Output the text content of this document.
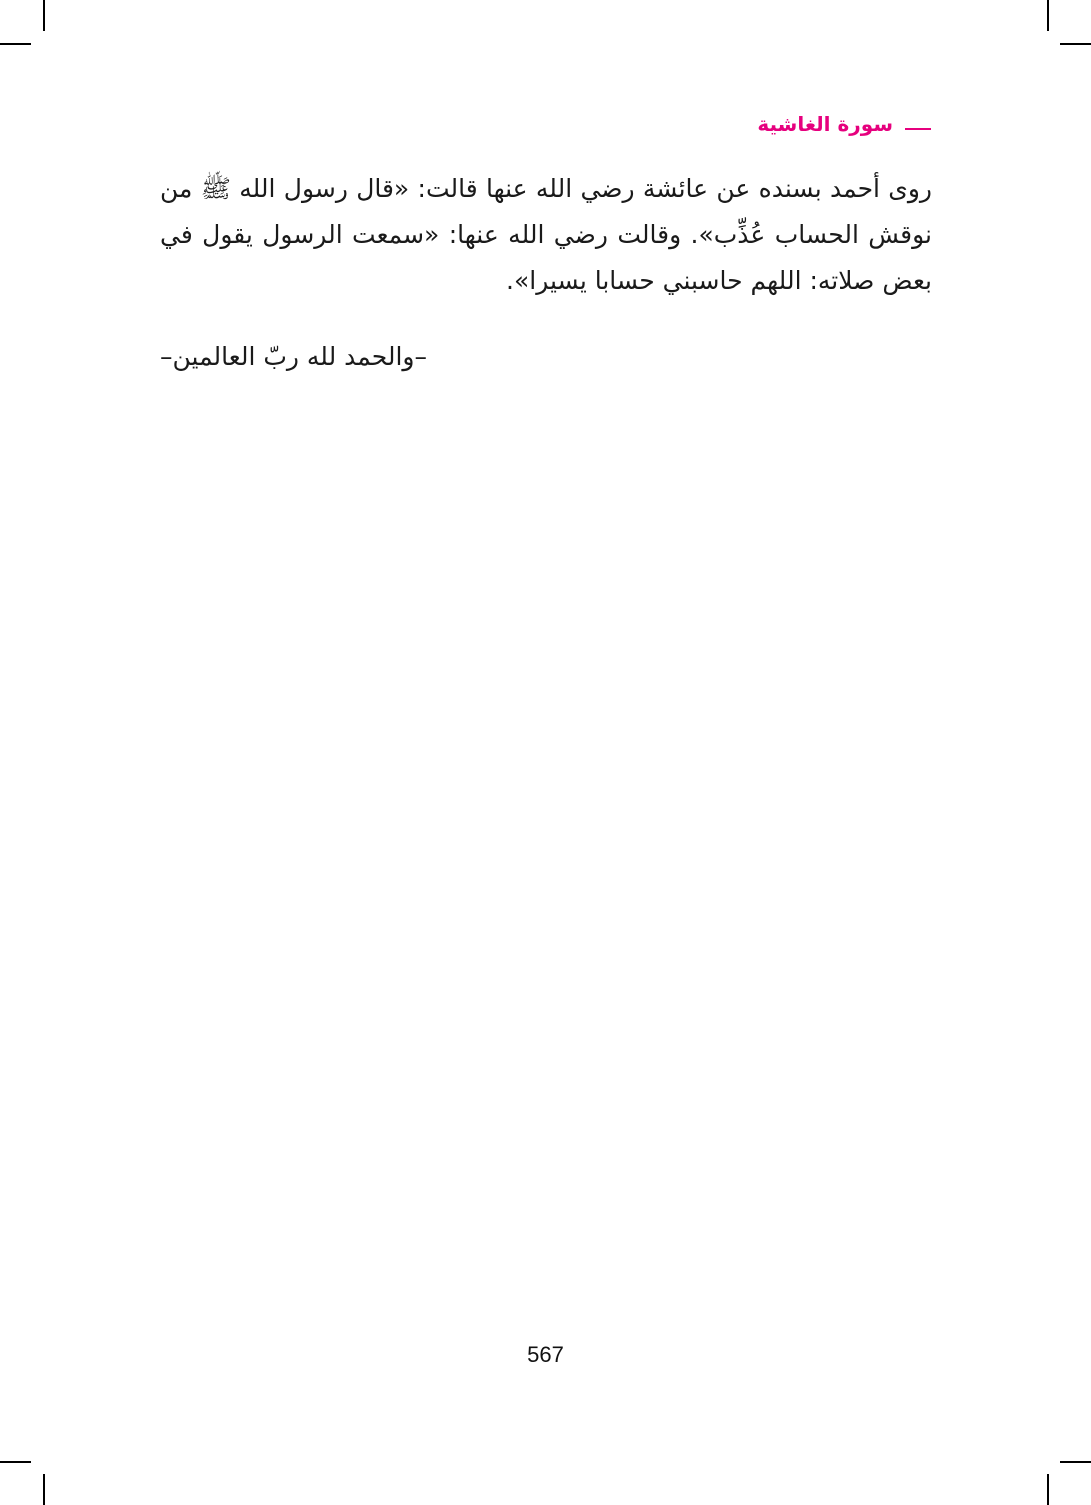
سورة الغاشية

روى أحمد بسنده عن عائشة رضي الله عنها قالت: «قال رسول الله ﷺ من نوقش الحساب عُذِّب». وقالت رضي الله عنها: «سمعت الرسول يقول في بعض صلاته: اللهم حاسبني حسابا يسيرا».

–والحمد لله ربّ العالمين–
567
